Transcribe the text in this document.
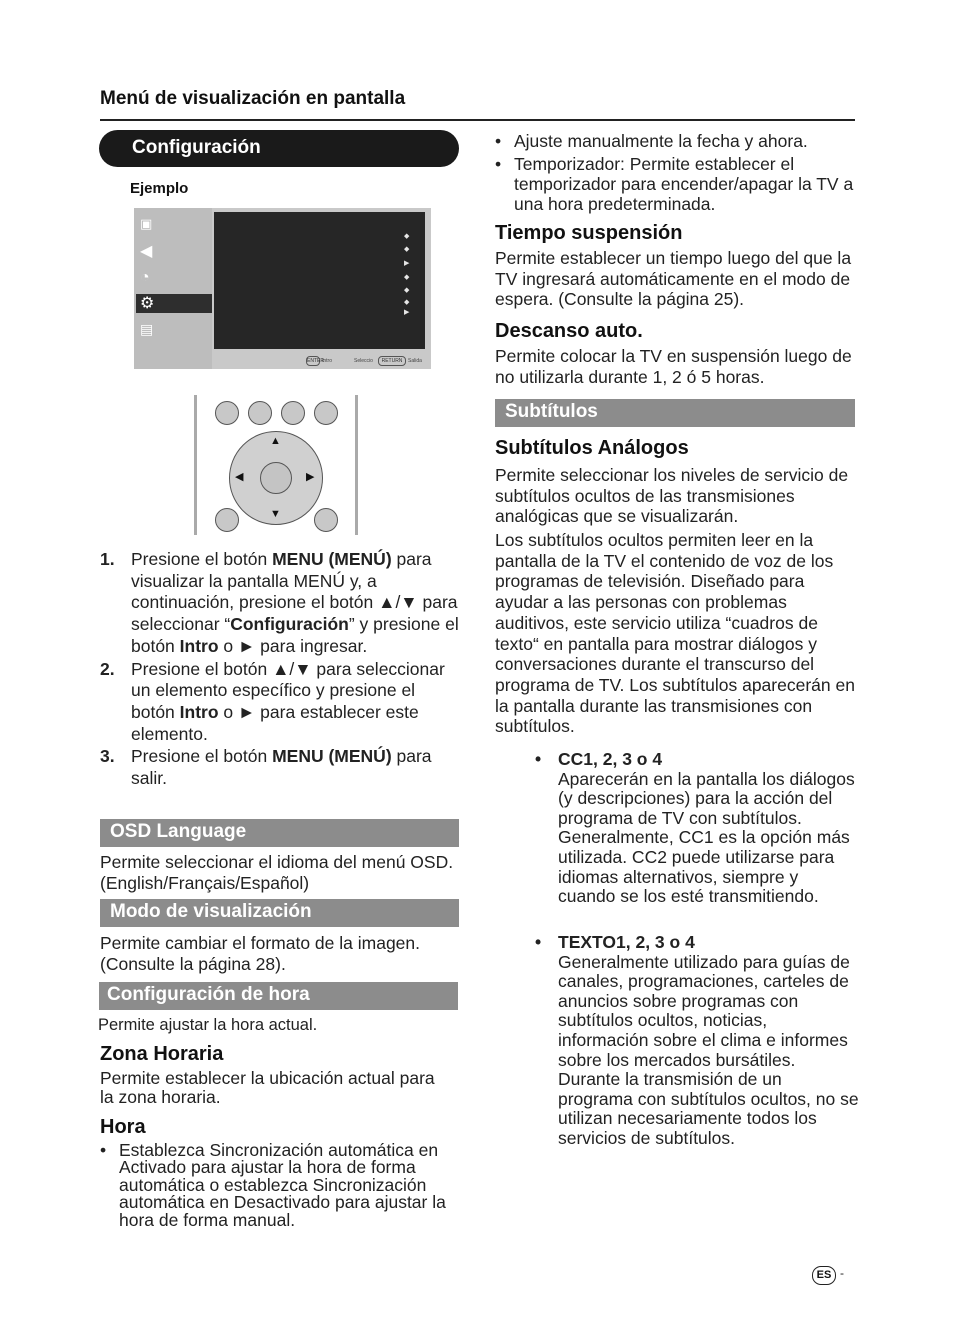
Menú de visualización en pantalla
Configuración
Ejemplo
▣
◀
◔
⚙
▤
◆
◆
▶
◆
◆
◆
▶
ENTER
Intro	Seleccio	RETURN	Salida
▲
▼
◀	▶
1. Presione el botón MENU (MENÚ) para visualizar la pantalla MENÚ y, a continuación, presione el botón ▲/▼ para seleccionar “Configuración” y presione el botón Intro o ► para ingresar.
2. Presione el botón ▲/▼ para seleccionar un elemento específico y presione el botón Intro o ► para establecer este elemento.
3. Presione el botón MENU (MENÚ) para salir.
OSD Language
Permite seleccionar el idioma del menú OSD. (English/Français/Español)
Modo de visualización
Permite cambiar el formato de la imagen. (Consulte la página 28).
Configuración de hora
Permite ajustar la hora actual.
Zona Horaria
Permite establecer la ubicación actual para la zona horaria.
Hora
• Establezca Sincronización automática en Activado para ajustar la hora de forma automática o establezca Sincronización automática en Desactivado para ajustar la hora de forma manual.
• Ajuste manualmente la fecha y ahora.
• Temporizador: Permite establecer el temporizador para encender/apagar la TV a una hora predeterminada.
Tiempo suspensión
Permite establecer un tiempo luego del que la TV ingresará automáticamente en el modo de espera. (Consulte la página 25).
Descanso auto.
Permite colocar la TV en suspensión luego de no utilizarla durante 1, 2 ó 5 horas.
Subtítulos
Subtítulos Análogos
Permite seleccionar los niveles de servicio de subtítulos ocultos de las transmisiones analógicas que se visualizarán.
Los subtítulos ocultos permiten leer en la pantalla de la TV el contenido de voz de los programas de televisión. Diseñado para ayudar a las personas con problemas auditivos, este servicio utiliza “cuadros de texto“ en pantalla para mostrar diálogos y conversaciones durante el transcurso del programa de TV. Los subtítulos aparecerán en la pantalla durante las transmisiones con subtítulos.
• CC1, 2, 3 o 4
Aparecerán en la pantalla los diálogos (y descripciones) para la acción del programa de TV con subtítulos. Generalmente, CC1 es la opción más utilizada. CC2 puede utilizarse para idiomas alternativos, siempre y cuando se los esté transmitiendo.
• TEXTO1, 2, 3 o 4
Generalmente utilizado para guías de canales, programaciones, carteles de anuncios sobre programas con subtítulos ocultos, noticias, información sobre el clima e informes sobre los mercados bursátiles. Durante la transmisión de un programa con subtítulos ocultos, no se utilizan necesariamente todos los servicios de subtítulos.
ES -
